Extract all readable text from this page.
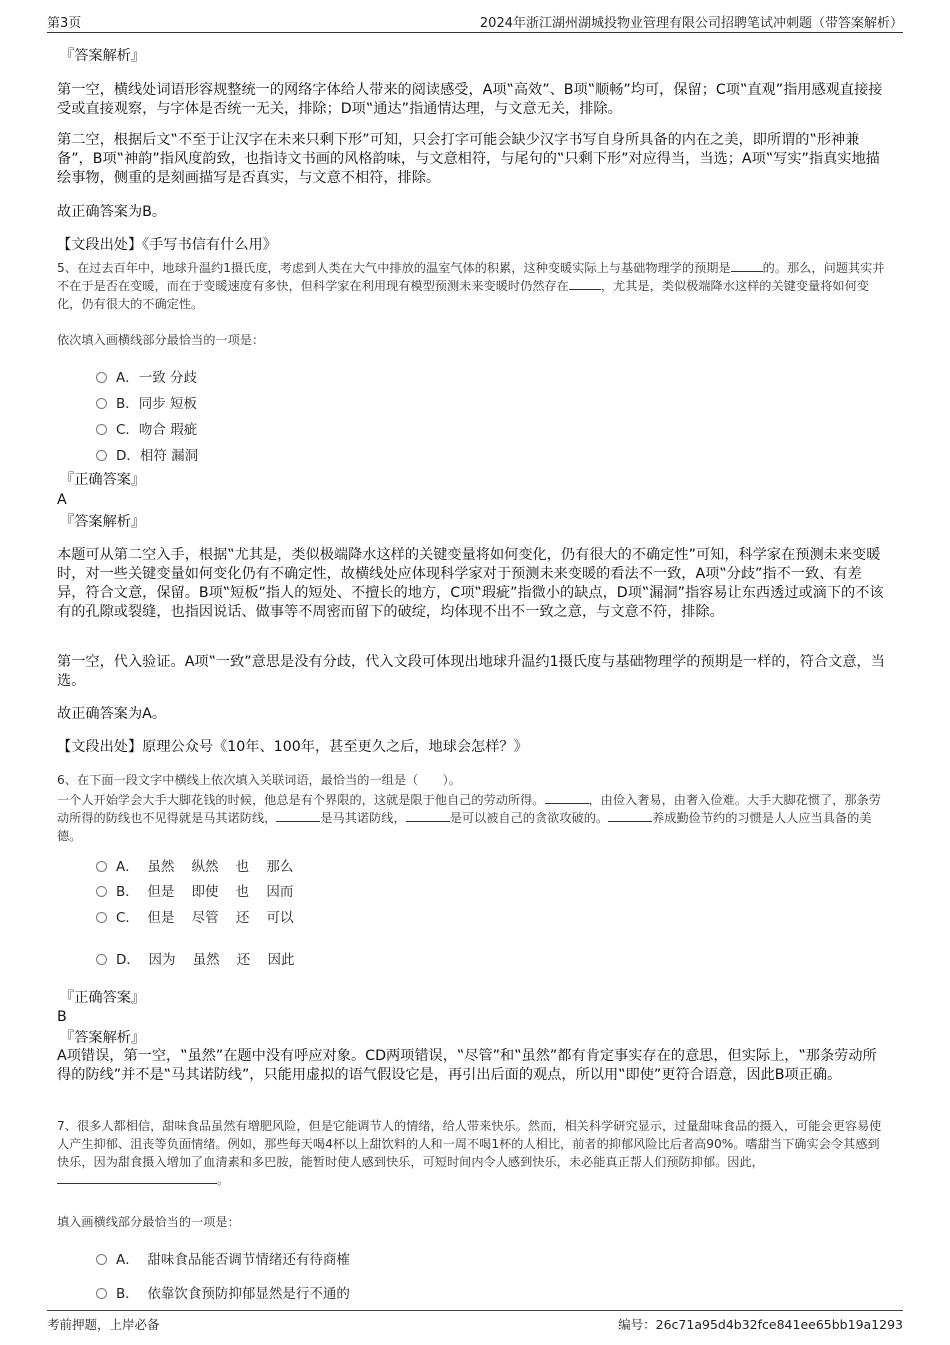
第3页	2024年浙江湖州湖城投物业管理有限公司招聘笔试冲刺题（带答案解析）
『答案解析』
第一空，横线处词语形容规整统一的网络字体给人带来的阅读感受，A项‟高效”、B项‟顺畅”均可，保留；C项‟直观”指用感观直接接受或直接观察，与字体是否统一无关，排除；D项‟通达”指通情达理，与文意无关，排除。
第二空，根据后文‟不至于让汉字在未来只剩下形”可知，只会打字可能会缺少汉字书写自身所具备的内在之美，即所谓的‟形神兼备”，B项‟神韵”指风度韵致，也指诗文书画的风格韵味，与文意相符，与尾句的‟只剩下形”对应得当，当选；A项‟写实”指真实地描绘事物，侧重的是刻画描写是否真实，与文意不相符，排除。
故正确答案为B。
【文段出处】《手写书信有什么用》
5、在过去百年中，地球升温约1摄氏度，考虑到人类在大气中排放的温室气体的积累，这种变暖实际上与基础物理学的预期是	的。那么，问题其实并不在于是否在变暖，而在于变暖速度有多快，但科学家在利用现有模型预测未来变暖时仍然存在	，尤其是，类似极端降水这样的关键变量将如何变化，仍有很大的不确定性。
依次填入画横线部分最恰当的一项是：
A．一致 分歧
B．同步 短板
C．吻合 瑕疵
D．相符 漏洞
『正确答案』
A
『答案解析』
本题可从第二空入手，根据‟尤其是，类似极端降水这样的关键变量将如何变化，仍有很大的不确定性”可知，科学家在预测未来变暖时，对一些关键变量如何变化仍有不确定性，故横线处应体现科学家对于预测未来变暖的看法不一致，A项‟分歧”指不一致、有差异，符合文意，保留。B项‟短板”指人的短处、不擅长的地方，C项‟瑕疵”指微小的缺点，D项‟漏洞”指容易让东西透过或滴下的不该有的孔隙或裂缝，也指因说话、做事等不周密而留下的破绽，均体现不出不一致之意，与文意不符，排除。
第一空，代入验证。A项‟一致”意思是没有分歧，代入文段可体现出地球升温约1摄氏度与基础物理学的预期是一样的，符合文意，当选。
故正确答案为A。
【文段出处】原理公众号《10年、100年，甚至更久之后，地球会怎样？》
6、在下面一段文字中横线上依次填入关联词语，最恰当的一组是（　　）。
一个人开始学会大手大脚花钱的时候，他总是有个界限的，这就是限于他自己的劳动所得。	，由俭入奢易，由奢入俭难。大手大脚花惯了，那条劳动所得的防线也不见得就是马其诺防线，	是马其诺防线，	是可以被自己的贪欲攻破的。	养成勤俭节约的习惯是人人应当具备的美德。
A．  虽然    纵然    也    那么
B．  但是    即使    也    因而
C．  但是    尽管    还    可以
D．  因为    虽然    还    因此
『正确答案』
B
『答案解析』
A项错误，第一空，‟虽然”在题中没有呼应对象。CD两项错误，‟尽管”和‟虽然”都有肯定事实存在的意思，但实际上，‟那条劳动所得的防线”并不是‟马其诺防线”，只能用虚拟的语气假设它是，再引出后面的观点，所以用‟即使”更符合语意，因此B项正确。
7、很多人都相信，甜味食品虽然有增肥风险，但是它能调节人的情绪，给人带来快乐。然而，相关科学研究显示，过量甜味食品的摄入，可能会更容易使人产生抑郁、沮丧等负面情绪。例如，那些每天喝4杯以上甜饮料的人和一周不喝1杯的人相比，前者的抑郁风险比后者高90%。嗜甜当下确实会令其感到快乐，因为甜食摄入增加了血清素和多巴胺，能暂时使人感到快乐，可短时间内令人感到快乐，未必能真正帮人们预防抑郁。因此，。
填入画横线部分最恰当的一项是：
A．  甜味食品能否调节情绪还有待商榷
B．  依靠饮食预防抑郁显然是行不通的
考前押题，上岸必备	编号：26c71a95d4b32fce841ee65bb19a1293
